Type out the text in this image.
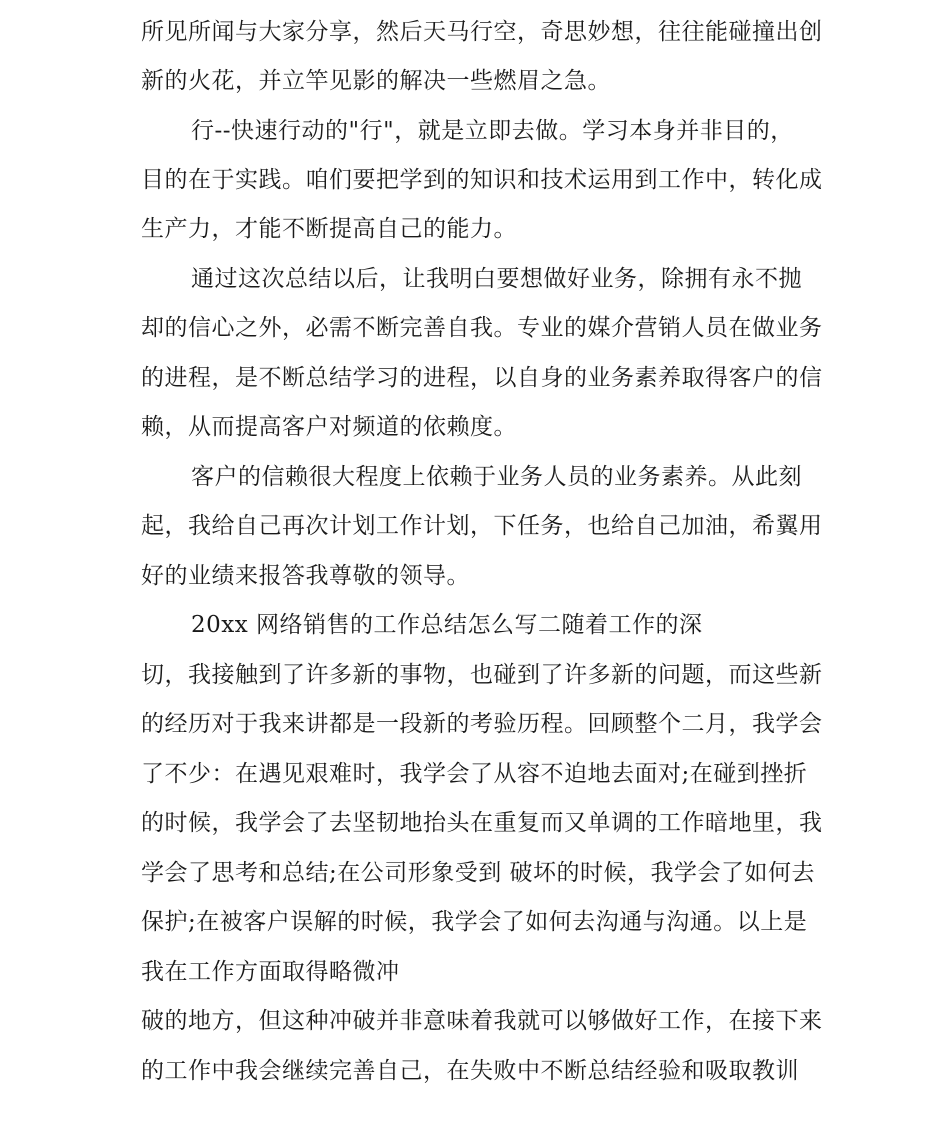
所见所闻与大家分享，然后天马行空，奇思妙想，往往能碰撞出创
新的火花，并立竿见影的解决一些燃眉之急。
行--快速行动的"行"，就是立即去做。学习本身并非目的，
目的在于实践。咱们要把学到的知识和技术运用到工作中，转化成
生产力，才能不断提高自己的能力。
通过这次总结以后，让我明白要想做好业务，除拥有永不抛
却的信心之外，必需不断完善自我。专业的媒介营销人员在做业务
的进程，是不断总结学习的进程，以自身的业务素养取得客户的信
赖，从而提高客户对频道的依赖度。
客户的信赖很大程度上依赖于业务人员的业务素养。从此刻
起，我给自己再次计划工作计划，下任务，也给自己加油，希翼用
好的业绩来报答我尊敬的领导。
20xx 网络销售的工作总结怎么写二随着工作的深
切，我接触到了许多新的事物，也碰到了许多新的问题，而这些新
的经历对于我来讲都是一段新的考验历程。回顾整个二月，我学会
了不少：在遇见艰难时，我学会了从容不迫地去面对;在碰到挫折
的时候，我学会了去坚韧地抬头在重复而又单调的工作暗地里，我
学会了思考和总结;在公司形象受到 破坏的时候，我学会了如何去
保护;在被客户误解的时候，我学会了如何去沟通与沟通。以上是
我在工作方面取得略微冲
破的地方，但这种冲破并非意味着我就可以够做好工作，在接下来
的工作中我会继续完善自己，在失败中不断总结经验和吸取教训
